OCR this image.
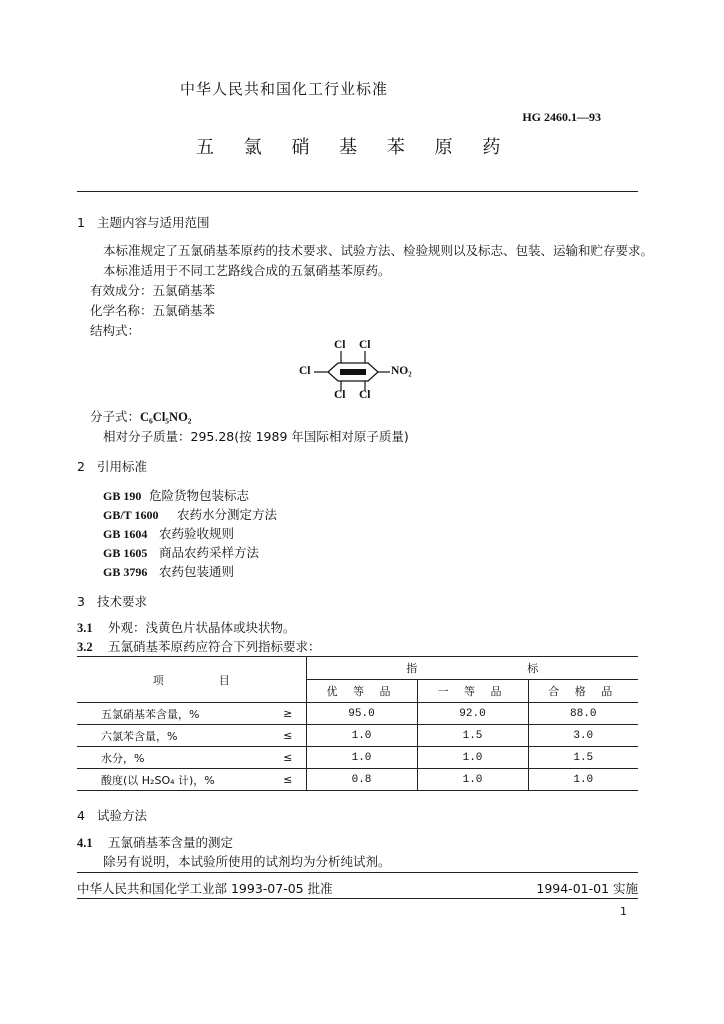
中华人民共和国化工行业标准
HG 2460.1—93
五 氯 硝 基 苯 原 药
1 主题内容与适用范围
本标准规定了五氯硝基苯原药的技术要求、试验方法、检验规则以及标志、包装、运输和贮存要求。
本标准适用于不同工艺路线合成的五氯硝基苯原药。
有效成分：五氯硝基苯
化学名称：五氯硝基苯
结构式：
Cl Cl
Cl	NO₂
Cl Cl
分子式：C₆Cl₅NO₂
相对分子质量：295.28(按 1989 年国际相对原子质量)
2 引用标准
GB 190 危险货物包装标志
GB/T 1600 农药水分测定方法
GB 1604 农药验收规则
GB 1605 商品农药采样方法
GB 3796 农药包装通则
3 技术要求
3.1 外观：浅黄色片状晶体或块状物。
3.2 五氯硝基苯原药应符合下列指标要求：
项　　　　　目		指　　　　　　　　　　标		
		优 等 品	一 等 品	合 格 品
五氯硝基苯含量，%	≥	95.0	92.0	88.0
六氯苯含量，%	≤	1.0	1.5	3.0
水分，%	≤	1.0	1.0	1.5
酸度(以 H₂SO₄ 计)，%	≤	0.8	1.0	1.0
4 试验方法
4.1 五氯硝基苯含量的测定
除另有说明，本试验所使用的试剂均为分析纯试剂。
中华人民共和国化学工业部 1993-07-05 批准	1994-01-01 实施
1
